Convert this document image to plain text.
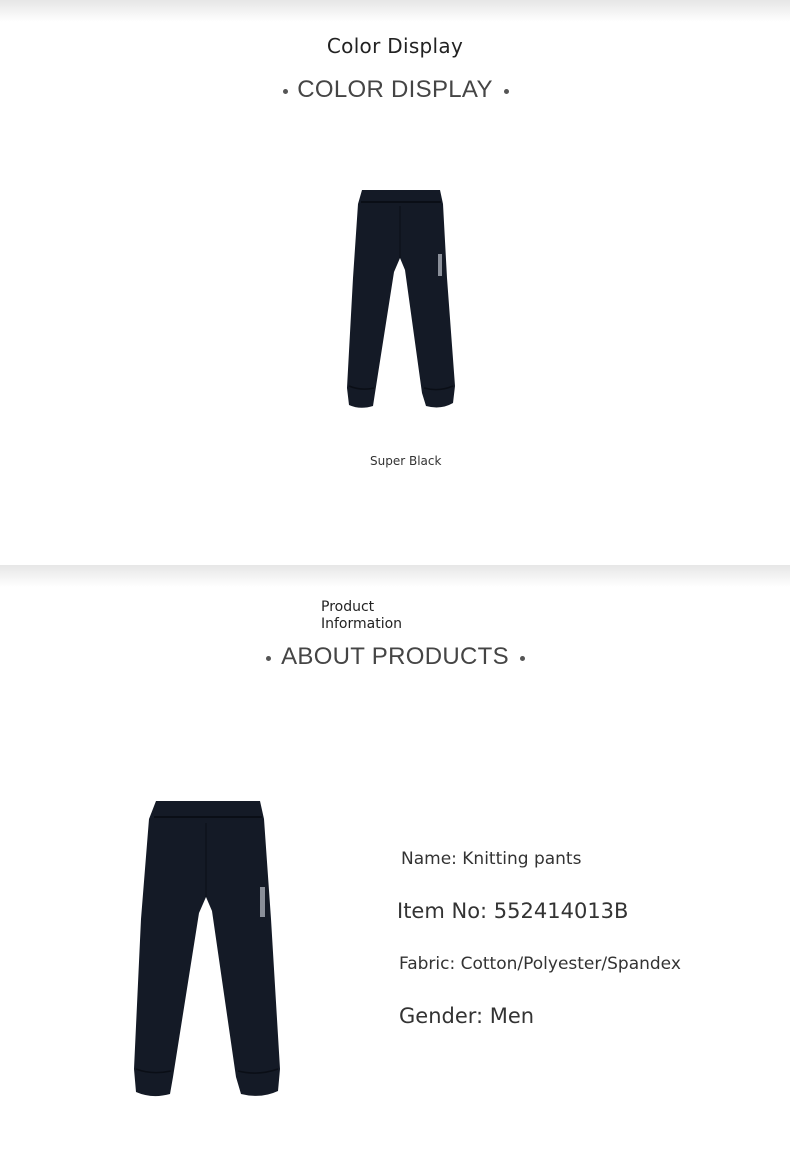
Color Display
COLOR DISPLAY
Super Black
Product Information
ABOUT PRODUCTS
Name: Knitting pants
Item No: 552414013B
Fabric: Cotton/Polyester/Spandex
Gender: Men
